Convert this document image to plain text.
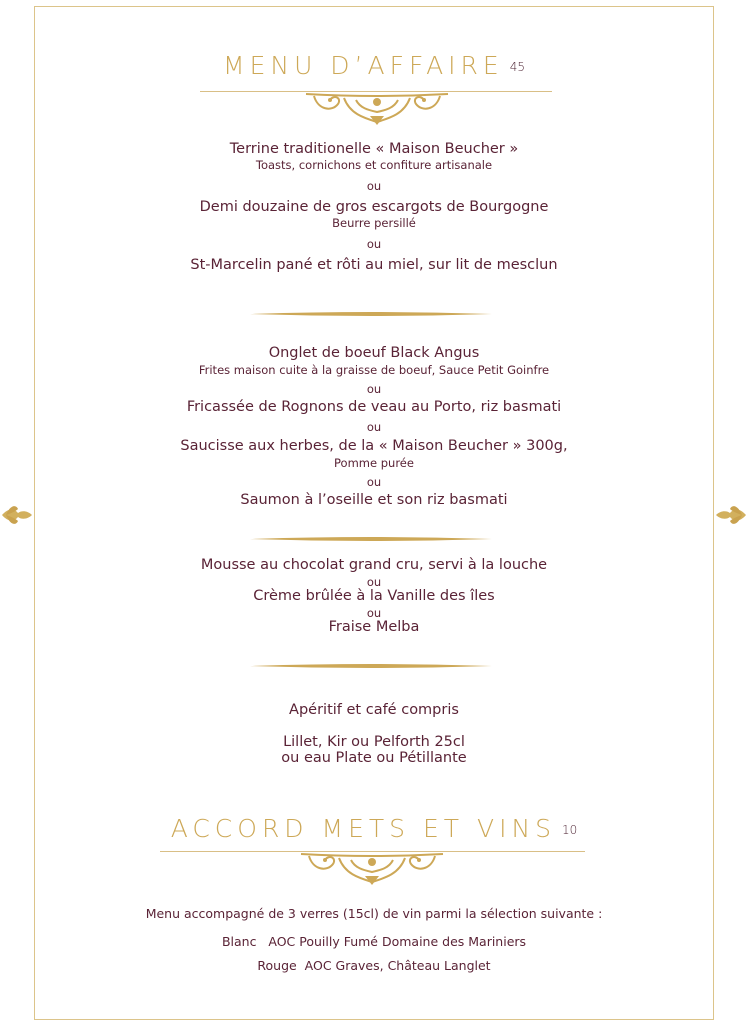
MENU D’AFFAIRE 45
Terrine traditionelle « Maison Beucher »
Toasts, cornichons et confiture artisanale
ou
Demi douzaine de gros escargots de Bourgogne
Beurre persillé
ou
St-Marcelin pané et rôti au miel, sur lit de mesclun
Onglet de boeuf Black Angus
Frites maison cuite à la graisse de boeuf, Sauce Petit Goinfre
ou
Fricassée de Rognons de veau au Porto, riz basmati
ou
Saucisse aux herbes, de la « Maison Beucher » 300g,
Pomme purée
ou
Saumon à l’oseille et son riz basmati
Mousse au chocolat grand cru, servi à la louche
ou
Crème brûlée à la Vanille des îles
ou
Fraise Melba
Apéritif et café compris
Lillet, Kir ou Pelforth 25cl
ou eau Plate ou Pétillante
ACCORD METS ET VINS 10
Menu accompagné de 3 verres (15cl) de vin parmi la sélection suivante :
Blanc AOC Pouilly Fumé Domaine des Mariniers
Rouge AOC Graves, Château Langlet
